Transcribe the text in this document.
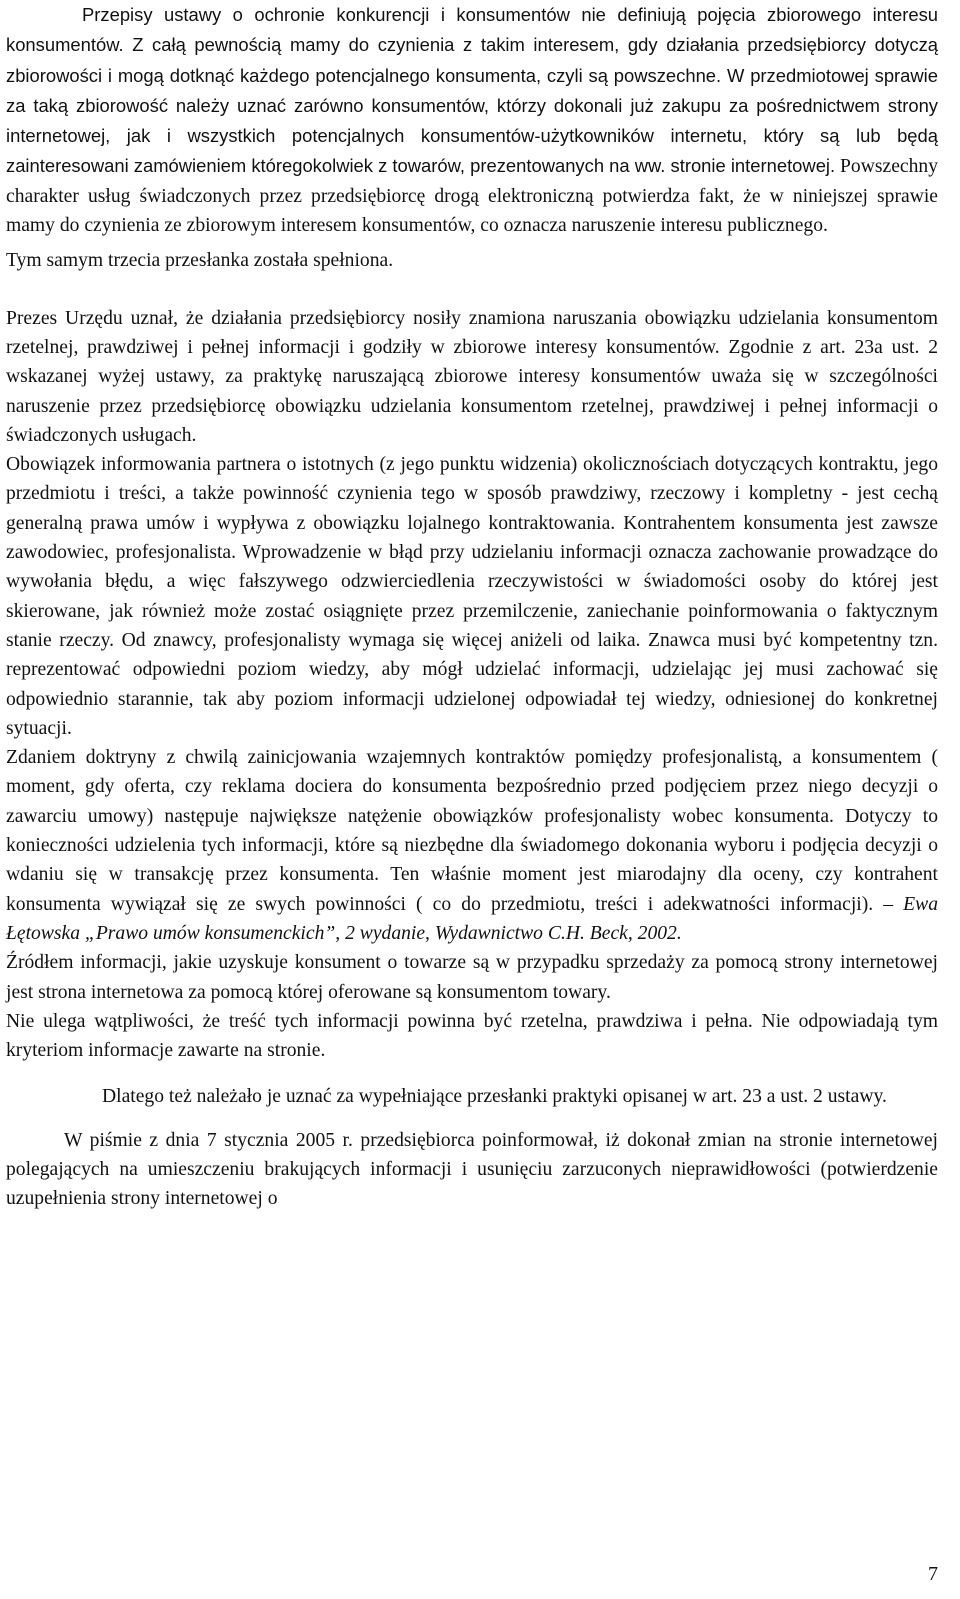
Przepisy ustawy o ochronie konkurencji i konsumentów nie definiują pojęcia zbiorowego interesu konsumentów. Z całą pewnością mamy do czynienia z takim interesem, gdy działania przedsiębiorcy dotyczą zbiorowości i mogą dotknąć każdego potencjalnego konsumenta, czyli są powszechne. W przedmiotowej sprawie za taką zbiorowość należy uznać zarówno konsumentów, którzy dokonali już zakupu za pośrednictwem strony internetowej, jak i wszystkich potencjalnych konsumentów-użytkowników internetu, który są lub będą zainteresowani zamówieniem któregokolwiek z towarów, prezentowanych na ww. stronie internetowej. Powszechny charakter usług świadczonych przez przedsiębiorcę drogą elektroniczną potwierdza fakt, że w niniejszej sprawie mamy do czynienia ze zbiorowym interesem konsumentów, co oznacza naruszenie interesu publicznego.

Tym samym trzecia przesłanka została spełniona.

Prezes Urzędu uznał, że działania przedsiębiorcy nosiły znamiona naruszania obowiązku udzielania konsumentom rzetelnej, prawdziwej i pełnej informacji i godziły w zbiorowe interesy konsumentów. Zgodnie z art. 23a ust. 2 wskazanej wyżej ustawy, za praktykę naruszającą zbiorowe interesy konsumentów uważa się w szczególności naruszenie przez przedsiębiorcę obowiązku udzielania konsumentom rzetelnej, prawdziwej i pełnej informacji o świadczonych usługach.

Obowiązek informowania partnera o istotnych (z jego punktu widzenia) okolicznościach dotyczących kontraktu, jego przedmiotu i treści, a także powinność czynienia tego w sposób prawdziwy, rzeczowy i kompletny - jest cechą generalną prawa umów i wypływa z obowiązku lojalnego kontraktowania. Kontrahentem konsumenta jest zawsze zawodowiec, profesjonalista. Wprowadzenie w błąd przy udzielaniu informacji oznacza zachowanie prowadzące do wywołania błędu, a więc fałszywego odzwierciedlenia rzeczywistości w świadomości osoby do której jest skierowane, jak również może zostać osiągnięte przez przemilczenie, zaniechanie poinformowania o faktycznym stanie rzeczy. Od znawcy, profesjonalisty wymaga się więcej aniżeli od laika. Znawca musi być kompetentny tzn. reprezentować odpowiedni poziom wiedzy, aby mógł udzielać informacji, udzielając jej musi zachować się odpowiednio starannie, tak aby poziom informacji udzielonej odpowiadał tej wiedzy, odniesionej do konkretnej sytuacji.

Zdaniem doktryny z chwilą zainicjowania wzajemnych kontraktów pomiędzy profesjonalistą, a konsumentem ( moment, gdy oferta, czy reklama dociera do konsumenta bezpośrednio przed podjęciem przez niego decyzji o zawarciu umowy) następuje największe natężenie obowiązków profesjonalisty wobec konsumenta. Dotyczy to konieczności udzielenia tych informacji, które są niezbędne dla świadomego dokonania wyboru i podjęcia decyzji o wdaniu się w transakcję przez konsumenta. Ten właśnie moment jest miarodajny dla oceny, czy kontrahent konsumenta wywiązał się ze swych powinności ( co do przedmiotu, treści i adekwatności informacji). – Ewa Łętowska „Prawo umów konsumenckich”, 2 wydanie, Wydawnictwo C.H. Beck, 2002.

Źródłem informacji, jakie uzyskuje konsument o towarze są w przypadku sprzedaży za pomocą strony internetowej jest strona internetowa za pomocą której oferowane są konsumentom towary.

Nie ulega wątpliwości, że treść tych informacji powinna być rzetelna, prawdziwa i pełna. Nie odpowiadają tym kryteriom informacje zawarte na stronie.

Dlatego też należało je uznać za wypełniające przesłanki praktyki opisanej w art. 23 a ust. 2 ustawy.

W piśmie z dnia 7 stycznia 2005 r. przedsiębiorca poinformował, iż dokonał zmian na stronie internetowej polegających na umieszczeniu brakujących informacji i usunięciu zarzuconych nieprawidłowości (potwierdzenie uzupełnienia strony internetowej o

7
